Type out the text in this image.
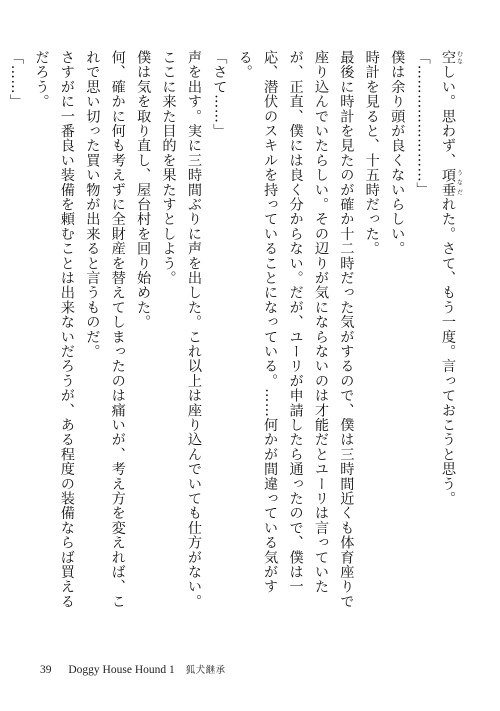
空 むなしい。思わず、項垂 うなだれた。さて、もう一度。言っておこうと思う。

「……………………」

僕は余り頭が良くないらしい。

時計を見ると、十五時だった。

最後に時計を見たのが確か十二時だった気がするので、僕は三時間近くも体育座りで座り込んでいたらしい。その辺りが気にならないのは才能だとユーリは言っていたが、正直、僕には良く分からない。だが、ユーリが申請したら通ったので、僕は一応、潜伏のスキルを持っていることになっている。……何かが間違っている気がする。

「さて……」

声を出す。実に三時間ぶりに声を出した。これ以上は座り込んでいても仕方がない。ここに来た目的を果たすとしよう。

僕は気を取り直し、屋台村を回り始めた。

何、確かに何も考えずに全財産を替えてしまったのは痛いが、考え方を変えれば、これで思い切った買い物が出来ると言うものだ。

さすがに一番良い装備を頼むことは出来ないだろうが、ある程度の装備ならば買えるだろう。

「……」

39 Doggy House Hound 1 狐犬継承
